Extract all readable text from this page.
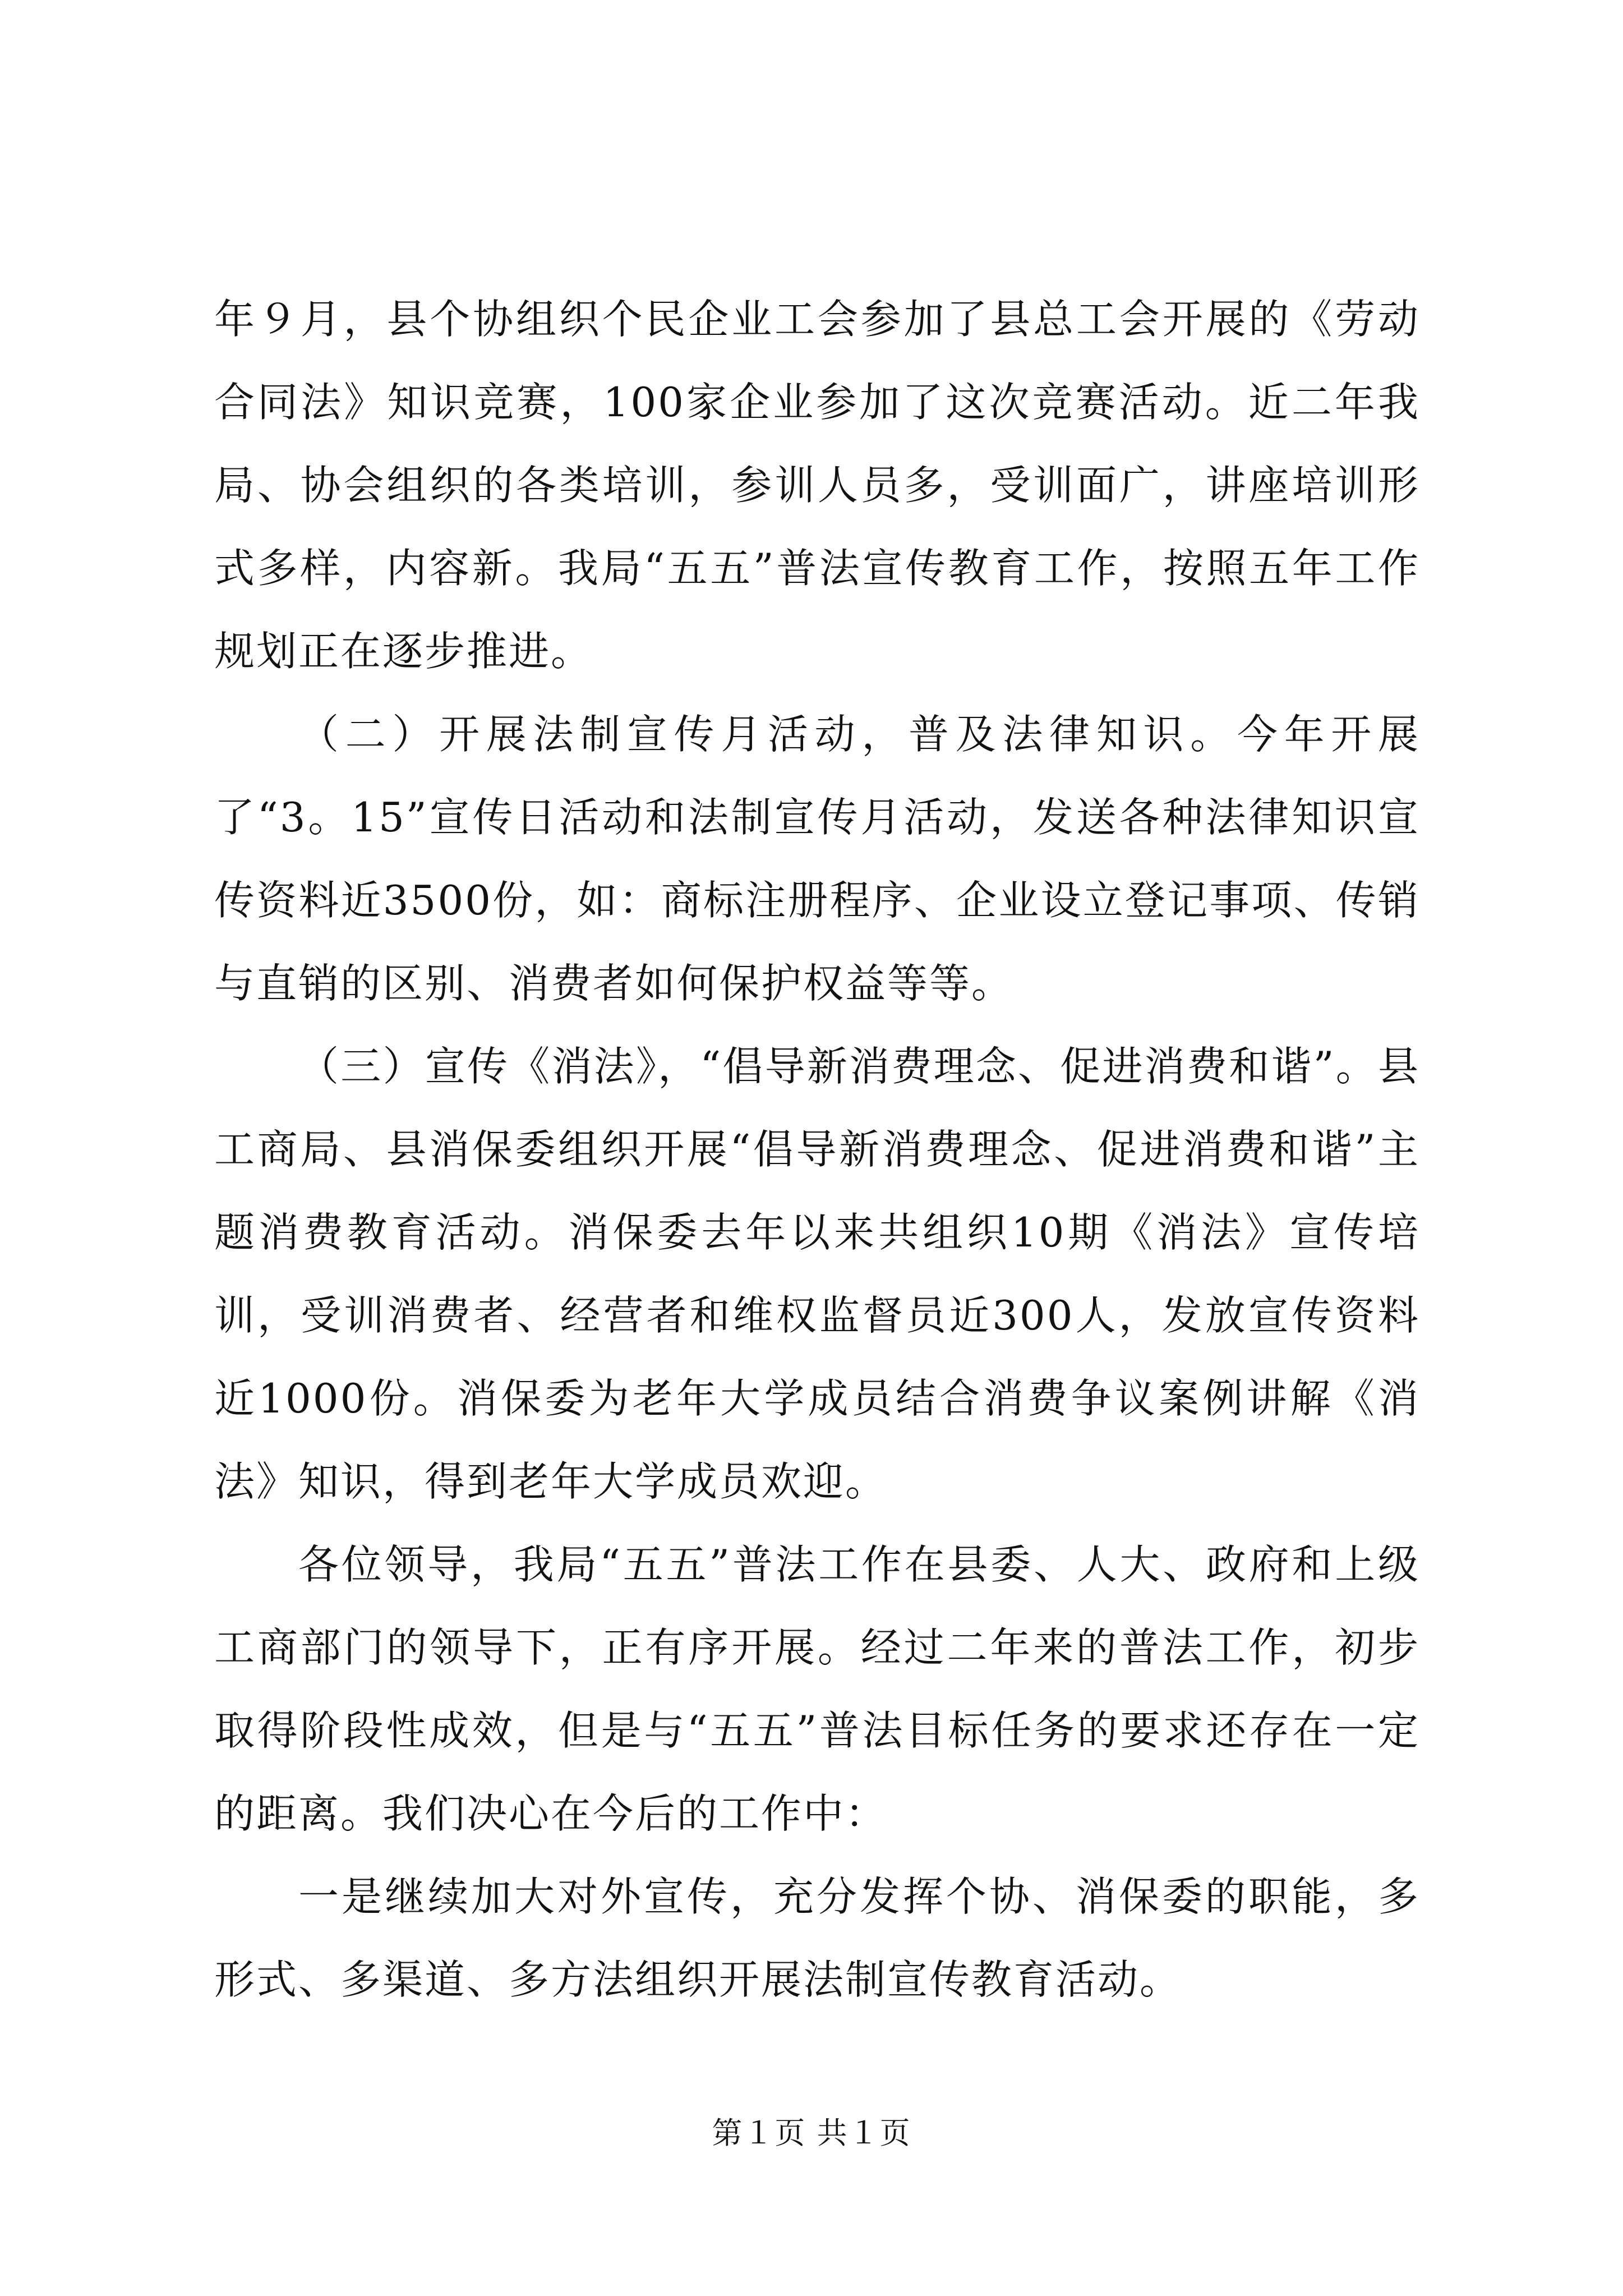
年９月，县个协组织个民企业工会参加了县总工会开展的《劳动合同法》知识竞赛，100家企业参加了这次竞赛活动。近二年我局、协会组织的各类培训，参训人员多，受训面广，讲座培训形式多样，内容新。我局“五五”普法宣传教育工作，按照五年工作规划正在逐步推进。

（二）开展法制宣传月活动，普及法律知识。今年开展了“3。15”宣传日活动和法制宣传月活动，发送各种法律知识宣传资料近3500份，如：商标注册程序、企业设立登记事项、传销与直销的区别、消费者如何保护权益等等。

（三）宣传《消法》，“倡导新消费理念、促进消费和谐”。县工商局、县消保委组织开展“倡导新消费理念、促进消费和谐”主题消费教育活动。消保委去年以来共组织10期《消法》宣传培训，受训消费者、经营者和维权监督员近300人，发放宣传资料近1000份。消保委为老年大学成员结合消费争议案例讲解《消法》知识，得到老年大学成员欢迎。

各位领导，我局“五五”普法工作在县委、人大、政府和上级工商部门的领导下，正有序开展。经过二年来的普法工作，初步取得阶段性成效，但是与“五五”普法目标任务的要求还存在一定的距离。我们决心在今后的工作中：

一是继续加大对外宣传，充分发挥个协、消保委的职能，多形式、多渠道、多方法组织开展法制宣传教育活动。

第１页 共１页
